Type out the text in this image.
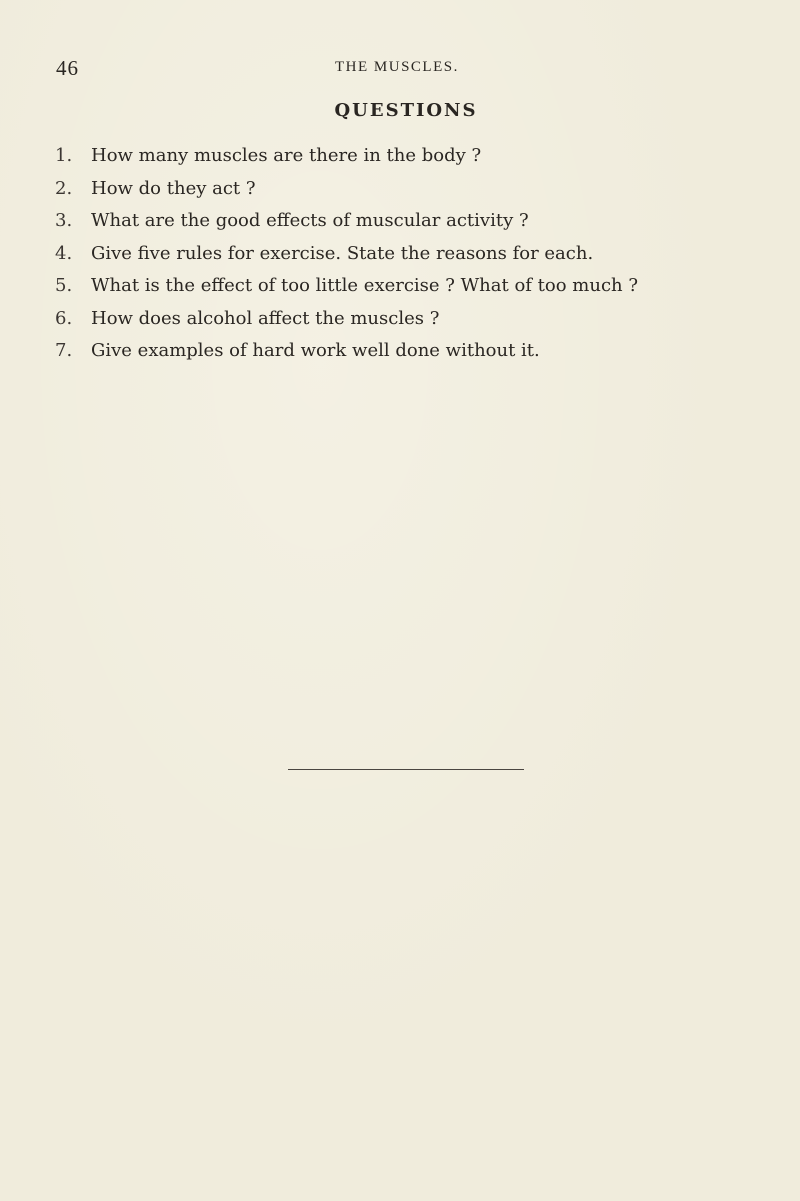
46	THE MUSCLES.
QUESTIONS
1.	How many muscles are there in the body ?
2.	How do they act ?
3.	What are the good effects of muscular activity ?
4.	Give five rules for exercise. State the reasons for each.
5.	What is the effect of too little exercise ? What of too much ?
6.	How does alcohol affect the muscles ?
7.	Give examples of hard work well done without it.
